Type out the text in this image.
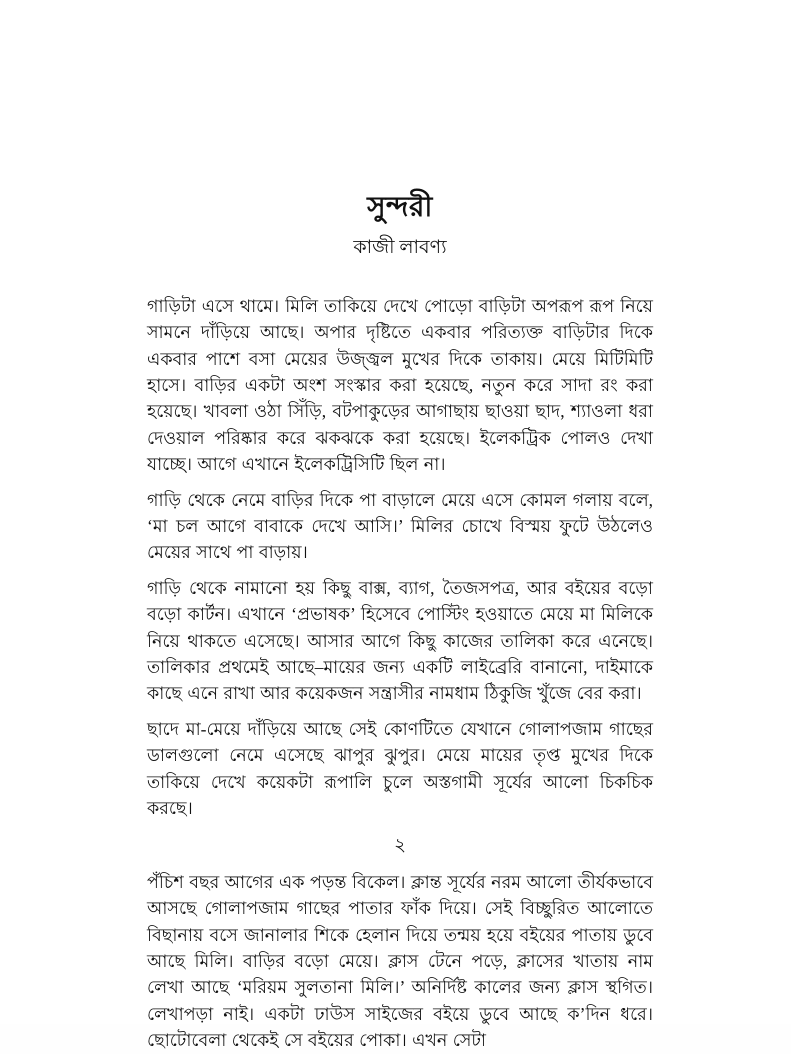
সুন্দরী
কাজী লাবণ্য

গাড়িটা এসে থামে। মিলি তাকিয়ে দেখে পোড়ো বাড়িটা অপরূপ রূপ নিয়ে সামনে দাঁড়িয়ে আছে। অপার দৃষ্টিতে একবার পরিত্যক্ত বাড়িটার দিকে একবার পাশে বসা মেয়ের উজ্জ্বল মুখের দিকে তাকায়। মেয়ে মিটিমিটি হাসে। বাড়ির একটা অংশ সংস্কার করা হয়েছে, নতুন করে সাদা রং করা হয়েছে। খাবলা ওঠা সিঁড়ি, বটপাকুড়ের আগাছায় ছাওয়া ছাদ, শ্যাওলা ধরা দেওয়াল পরিষ্কার করে ঝকঝকে করা হয়েছে। ইলেকট্রিক পোলও দেখা যাচ্ছে। আগে এখানে ইলেকট্রিসিটি ছিল না।

গাড়ি থেকে নেমে বাড়ির দিকে পা বাড়ালে মেয়ে এসে কোমল গলায় বলে, ‘মা চল আগে বাবাকে দেখে আসি।’ মিলির চোখে বিস্ময় ফুটে উঠলেও মেয়ের সাথে পা বাড়ায়।

গাড়ি থেকে নামানো হয় কিছু বাক্স, ব্যাগ, তৈজসপত্র, আর বইয়ের বড়ো বড়ো কার্টন। এখানে ‘প্রভাষক’ হিসেবে পোস্টিং হওয়াতে মেয়ে মা মিলিকে নিয়ে থাকতে এসেছে। আসার আগে কিছু কাজের তালিকা করে এনেছে। তালিকার প্রথমেই আছে–মায়ের জন্য একটি লাইব্রেরি বানানো, দাইমাকে কাছে এনে রাখা আর কয়েকজন সন্ত্রাসীর নামধাম ঠিকুজি খুঁজে বের করা।

ছাদে মা-মেয়ে দাঁড়িয়ে আছে সেই কোণটিতে যেখানে গোলাপজাম গাছের ডালগুলো নেমে এসেছে ঝাপুর ঝুপুর। মেয়ে মায়ের তৃপ্ত মুখের দিকে তাকিয়ে দেখে কয়েকটা রূপালি চুলে অস্তগামী সূর্যের আলো চিকচিক করছে।

২

পঁচিশ বছর আগের এক পড়ন্ত বিকেল। ক্লান্ত সূর্যের নরম আলো তীর্যকভাবে আসছে গোলাপজাম গাছের পাতার ফাঁক দিয়ে। সেই বিচ্ছুরিত আলোতে বিছানায় বসে জানালার শিকে হেলান দিয়ে তন্ময় হয়ে বইয়ের পাতায় ডুবে আছে মিলি। বাড়ির বড়ো মেয়ে। ক্লাস টেনে পড়ে, ক্লাসের খাতায় নাম লেখা আছে ‘মরিয়ম সুলতানা মিলি।’ অনির্দিষ্ট কালের জন্য ক্লাস স্থগিত। লেখাপড়া নাই। একটা ঢাউস সাইজের বইয়ে ডুবে আছে ক’দিন ধরে। ছোটোবেলা থেকেই সে বইয়ের পোকা। এখন সেটা
